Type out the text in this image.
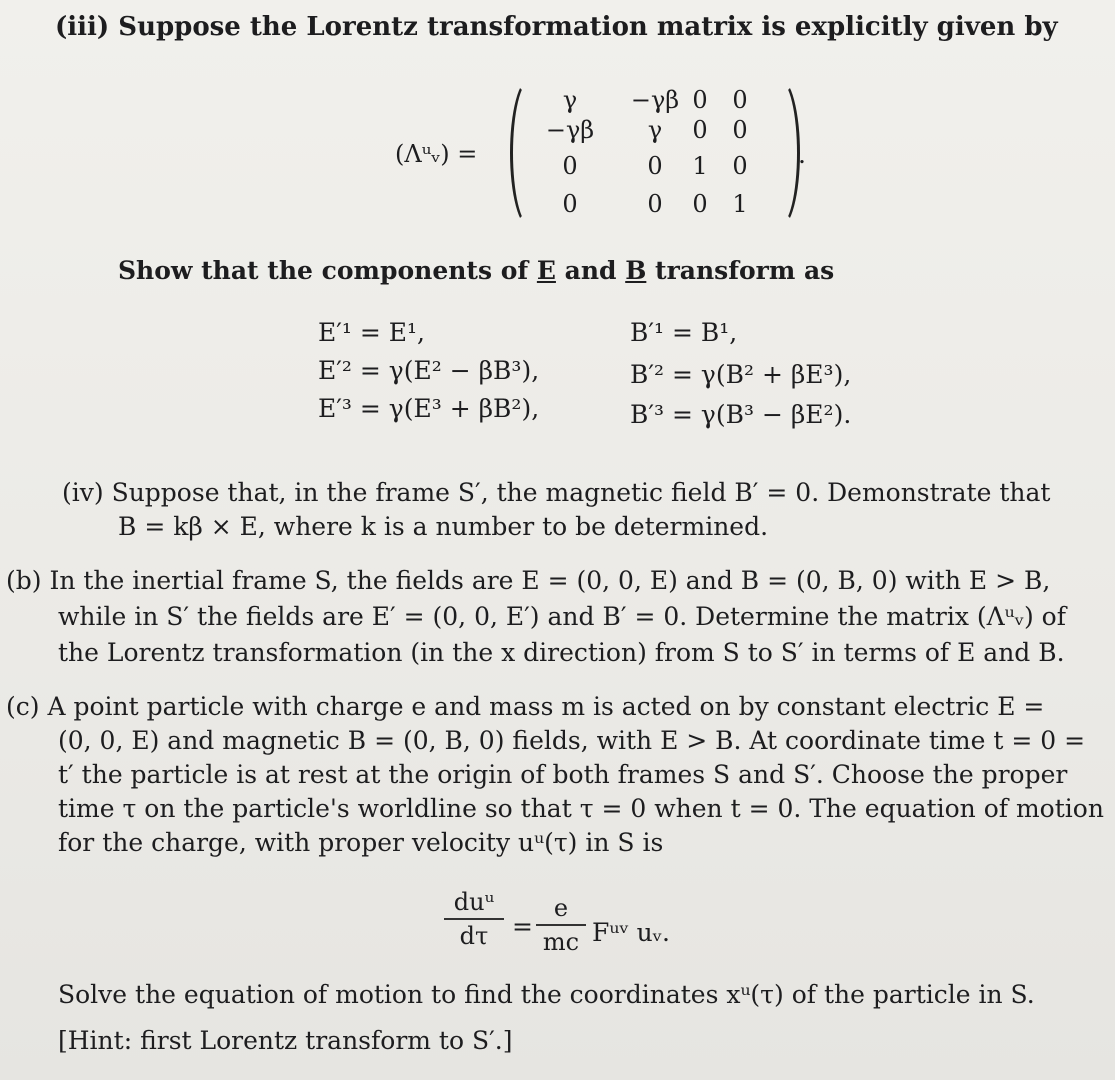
(iii) Suppose the Lorentz transformation matrix is explicitly given by
(Λᵘᵥ) =
γ	−γβ 0	0
−γβ	γ	0	0
0	0	1	0
0	0	0	1
.
Show that the components of E and B transform as
E′¹ = E¹,
E′² = γ(E² − βB³),
E′³ = γ(E³ + βB²),
B′¹ = B¹,
B′² = γ(B² + βE³),
B′³ = γ(B³ − βE²).
(iv) Suppose that, in the frame S′, the magnetic field B′ = 0. Demonstrate that
B = kβ × E, where k is a number to be determined.
(b) In the inertial frame S, the fields are E = (0, 0, E) and B = (0, B, 0) with E > B,
while in S′ the fields are E′ = (0, 0, E′) and B′ = 0. Determine the matrix (Λᵘᵥ) of
the Lorentz transformation (in the x direction) from S to S′ in terms of E and B.
(c) A point particle with charge e and mass m is acted on by constant electric E =
(0, 0, E) and magnetic B = (0, B, 0) fields, with E > B. At coordinate time t = 0 =
t′ the particle is at rest at the origin of both frames S and S′. Choose the proper
time τ on the particle's worldline so that τ = 0 when t = 0. The equation of motion
for the charge, with proper velocity uᵘ(τ) in S is
duᵘ
dτ =
e
mc Fᵘᵛ uᵥ.
Solve the equation of motion to find the coordinates xᵘ(τ) of the particle in S.
[Hint: first Lorentz transform to S′.]
